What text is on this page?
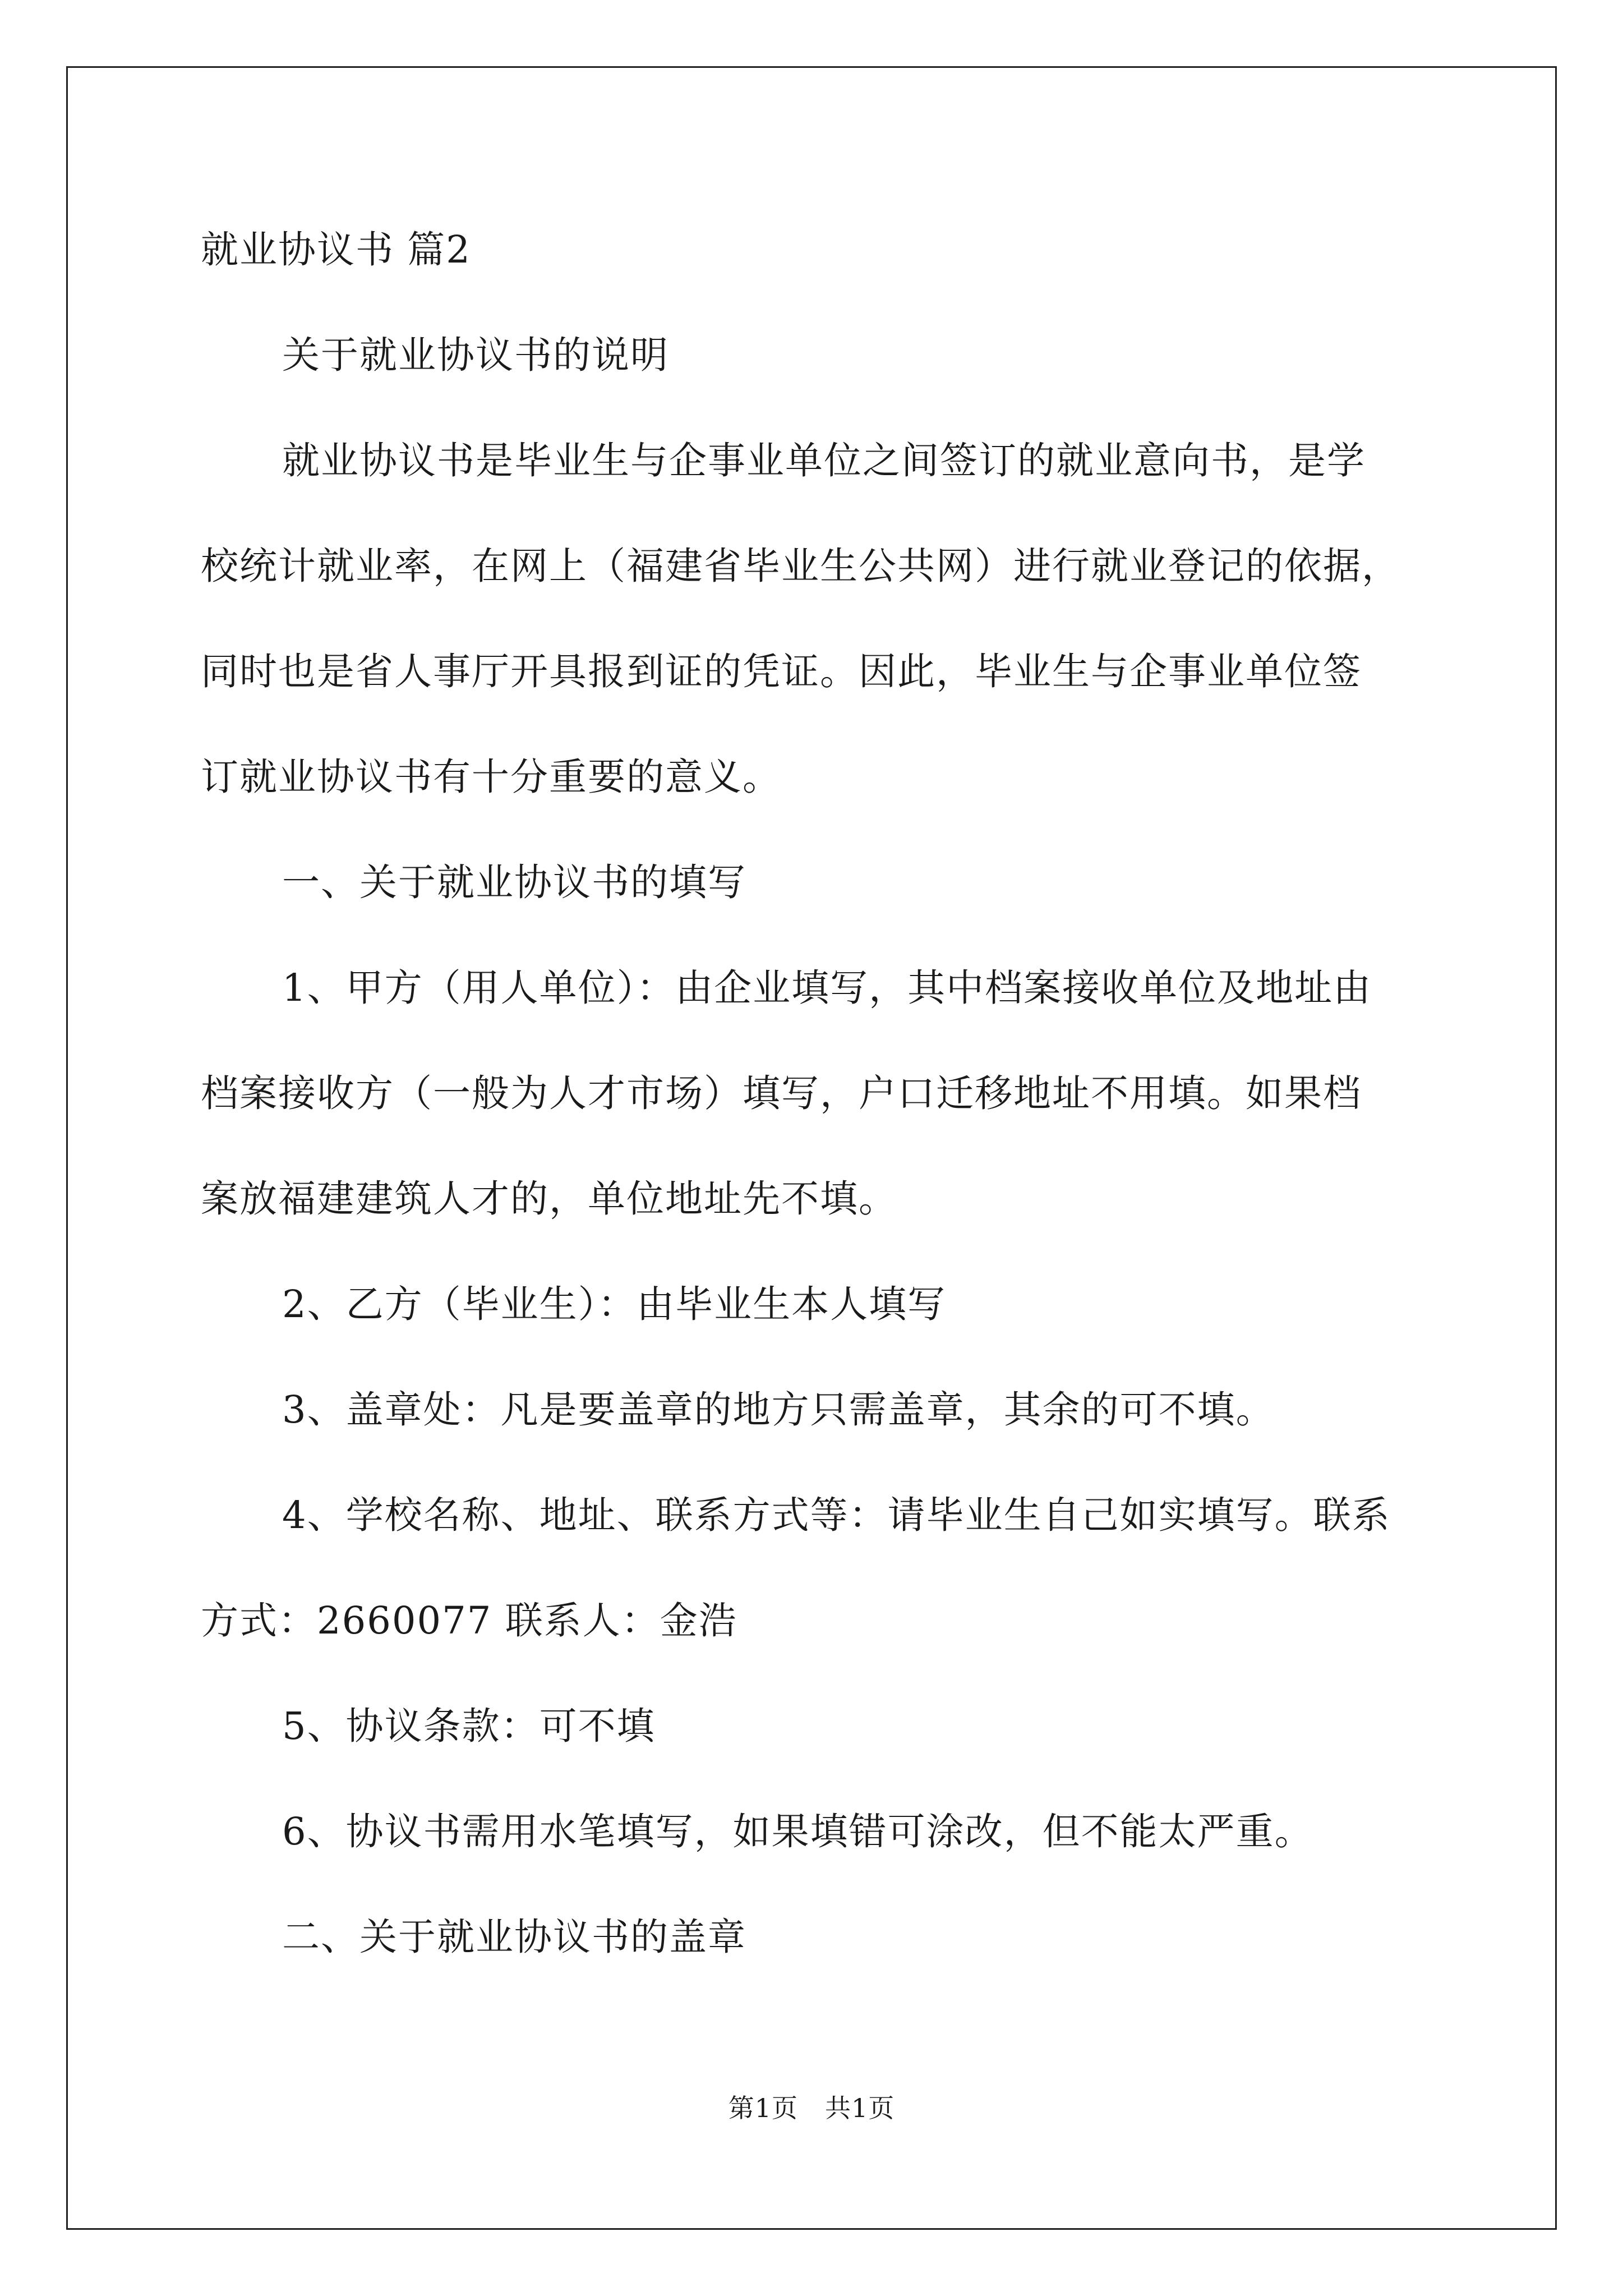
就业协议书 篇2
关于就业协议书的说明
就业协议书是毕业生与企事业单位之间签订的就业意向书，是学
校统计就业率，在网上（福建省毕业生公共网）进行就业登记的依据，
同时也是省人事厅开具报到证的凭证。因此，毕业生与企事业单位签
订就业协议书有十分重要的意义。
一、关于就业协议书的填写
1、甲方（用人单位）：由企业填写，其中档案接收单位及地址由
档案接收方（一般为人才市场）填写，户口迁移地址不用填。如果档
案放福建建筑人才的，单位地址先不填。
2、乙方（毕业生）：由毕业生本人填写
3、盖章处：凡是要盖章的地方只需盖章，其余的可不填。
4、学校名称、地址、联系方式等：请毕业生自己如实填写。联系
方式：2660077 联系人：金浩
5、协议条款：可不填
6、协议书需用水笔填写，如果填错可涂改，但不能太严重。
二、关于就业协议书的盖章
第1页 共1页
